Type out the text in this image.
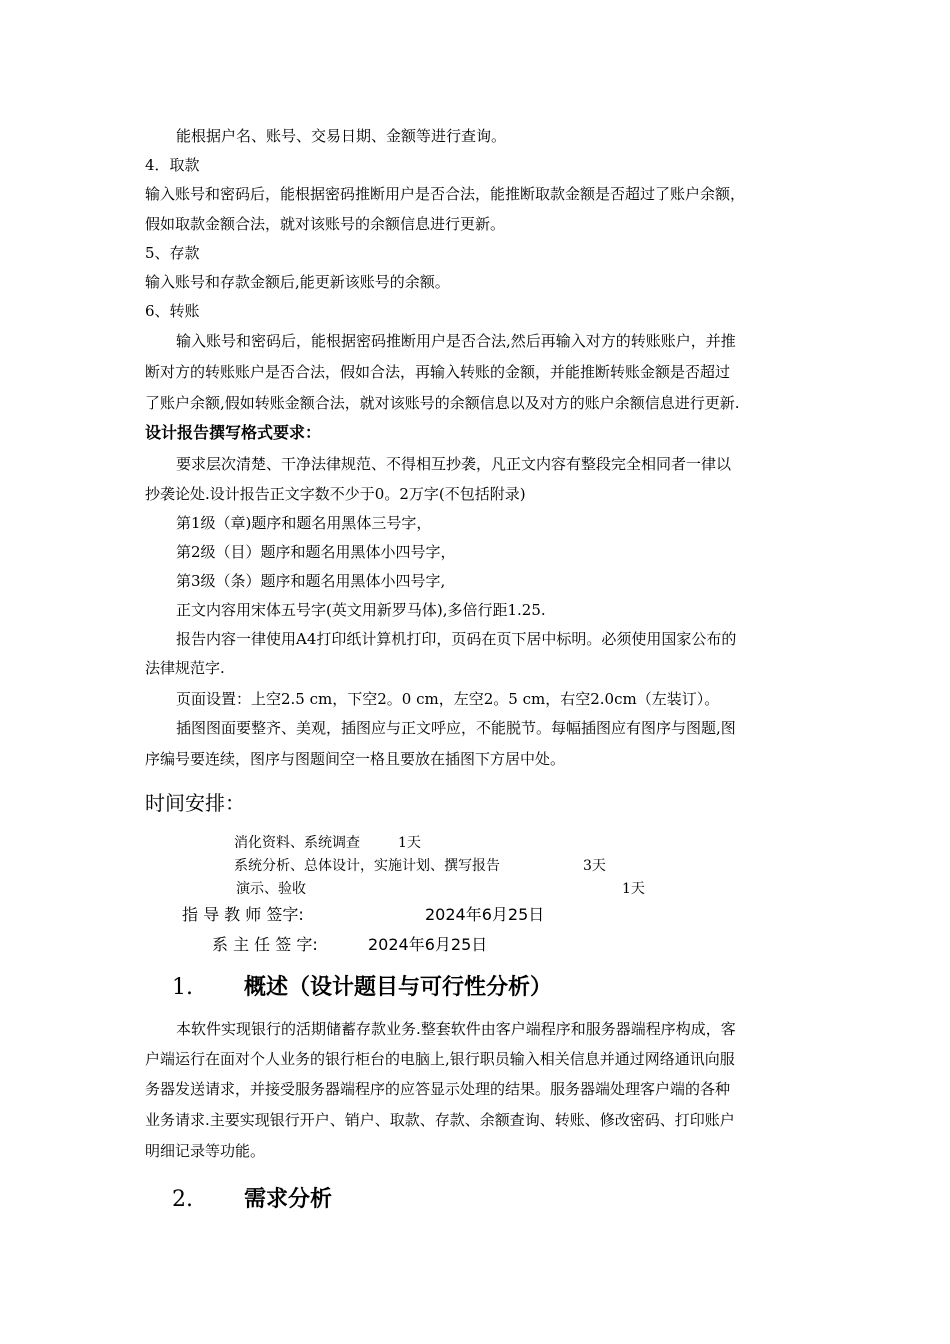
能根据户名、账号、交易日期、金额等进行查询。
4．取款
输入账号和密码后，能根据密码推断用户是否合法，能推断取款金额是否超过了账户余额，
假如取款金额合法，就对该账号的余额信息进行更新。
5、存款
输入账号和存款金额后,能更新该账号的余额。
6、转账
输入账号和密码后，能根据密码推断用户是否合法,然后再输入对方的转账账户，并推
断对方的转账账户是否合法，假如合法，再输入转账的金额，并能推断转账金额是否超过
了账户余额,假如转账金额合法，就对该账号的余额信息以及对方的账户余额信息进行更新.
设计报告撰写格式要求：
要求层次清楚、干净法律规范、不得相互抄袭，凡正文内容有整段完全相同者一律以
抄袭论处.设计报告正文字数不少于0。2万字(不包括附录)
第1级（章)题序和题名用黑体三号字，
第2级（目）题序和题名用黑体小四号字，
第3级（条）题序和题名用黑体小四号字,
正文内容用宋体五号字(英文用新罗马体),多倍行距1.25.
报告内容一律使用A4打印纸计算机打印，页码在页下居中标明。必须使用国家公布的
法律规范字.
页面设置：上空2.5 cm，下空2。0 cm，左空2。5 cm，右空2.0cm（左装订）。
插图图面要整齐、美观，插图应与正文呼应，不能脱节。每幅插图应有图序与图题,图
序编号要连续，图序与图题间空一格且要放在插图下方居中处。
时间安排：
消化资料、系统调查	1天
系统分析、总体设计，实施计划、撰写报告	3天
演示、验收	1天
指 导 教 师 签字:	2024年6月25日
系 主 任 签 字:	2024年6月25日
1. 概述（设计题目与可行性分析）
本软件实现银行的活期储蓄存款业务.整套软件由客户端程序和服务器端程序构成，客
户端运行在面对个人业务的银行柜台的电脑上,银行职员输入相关信息并通过网络通讯向服
务器发送请求，并接受服务器端程序的应答显示处理的结果。服务器端处理客户端的各种
业务请求.主要实现银行开户、销户、取款、存款、余额查询、转账、修改密码、打印账户
明细记录等功能。
2. 需求分析
